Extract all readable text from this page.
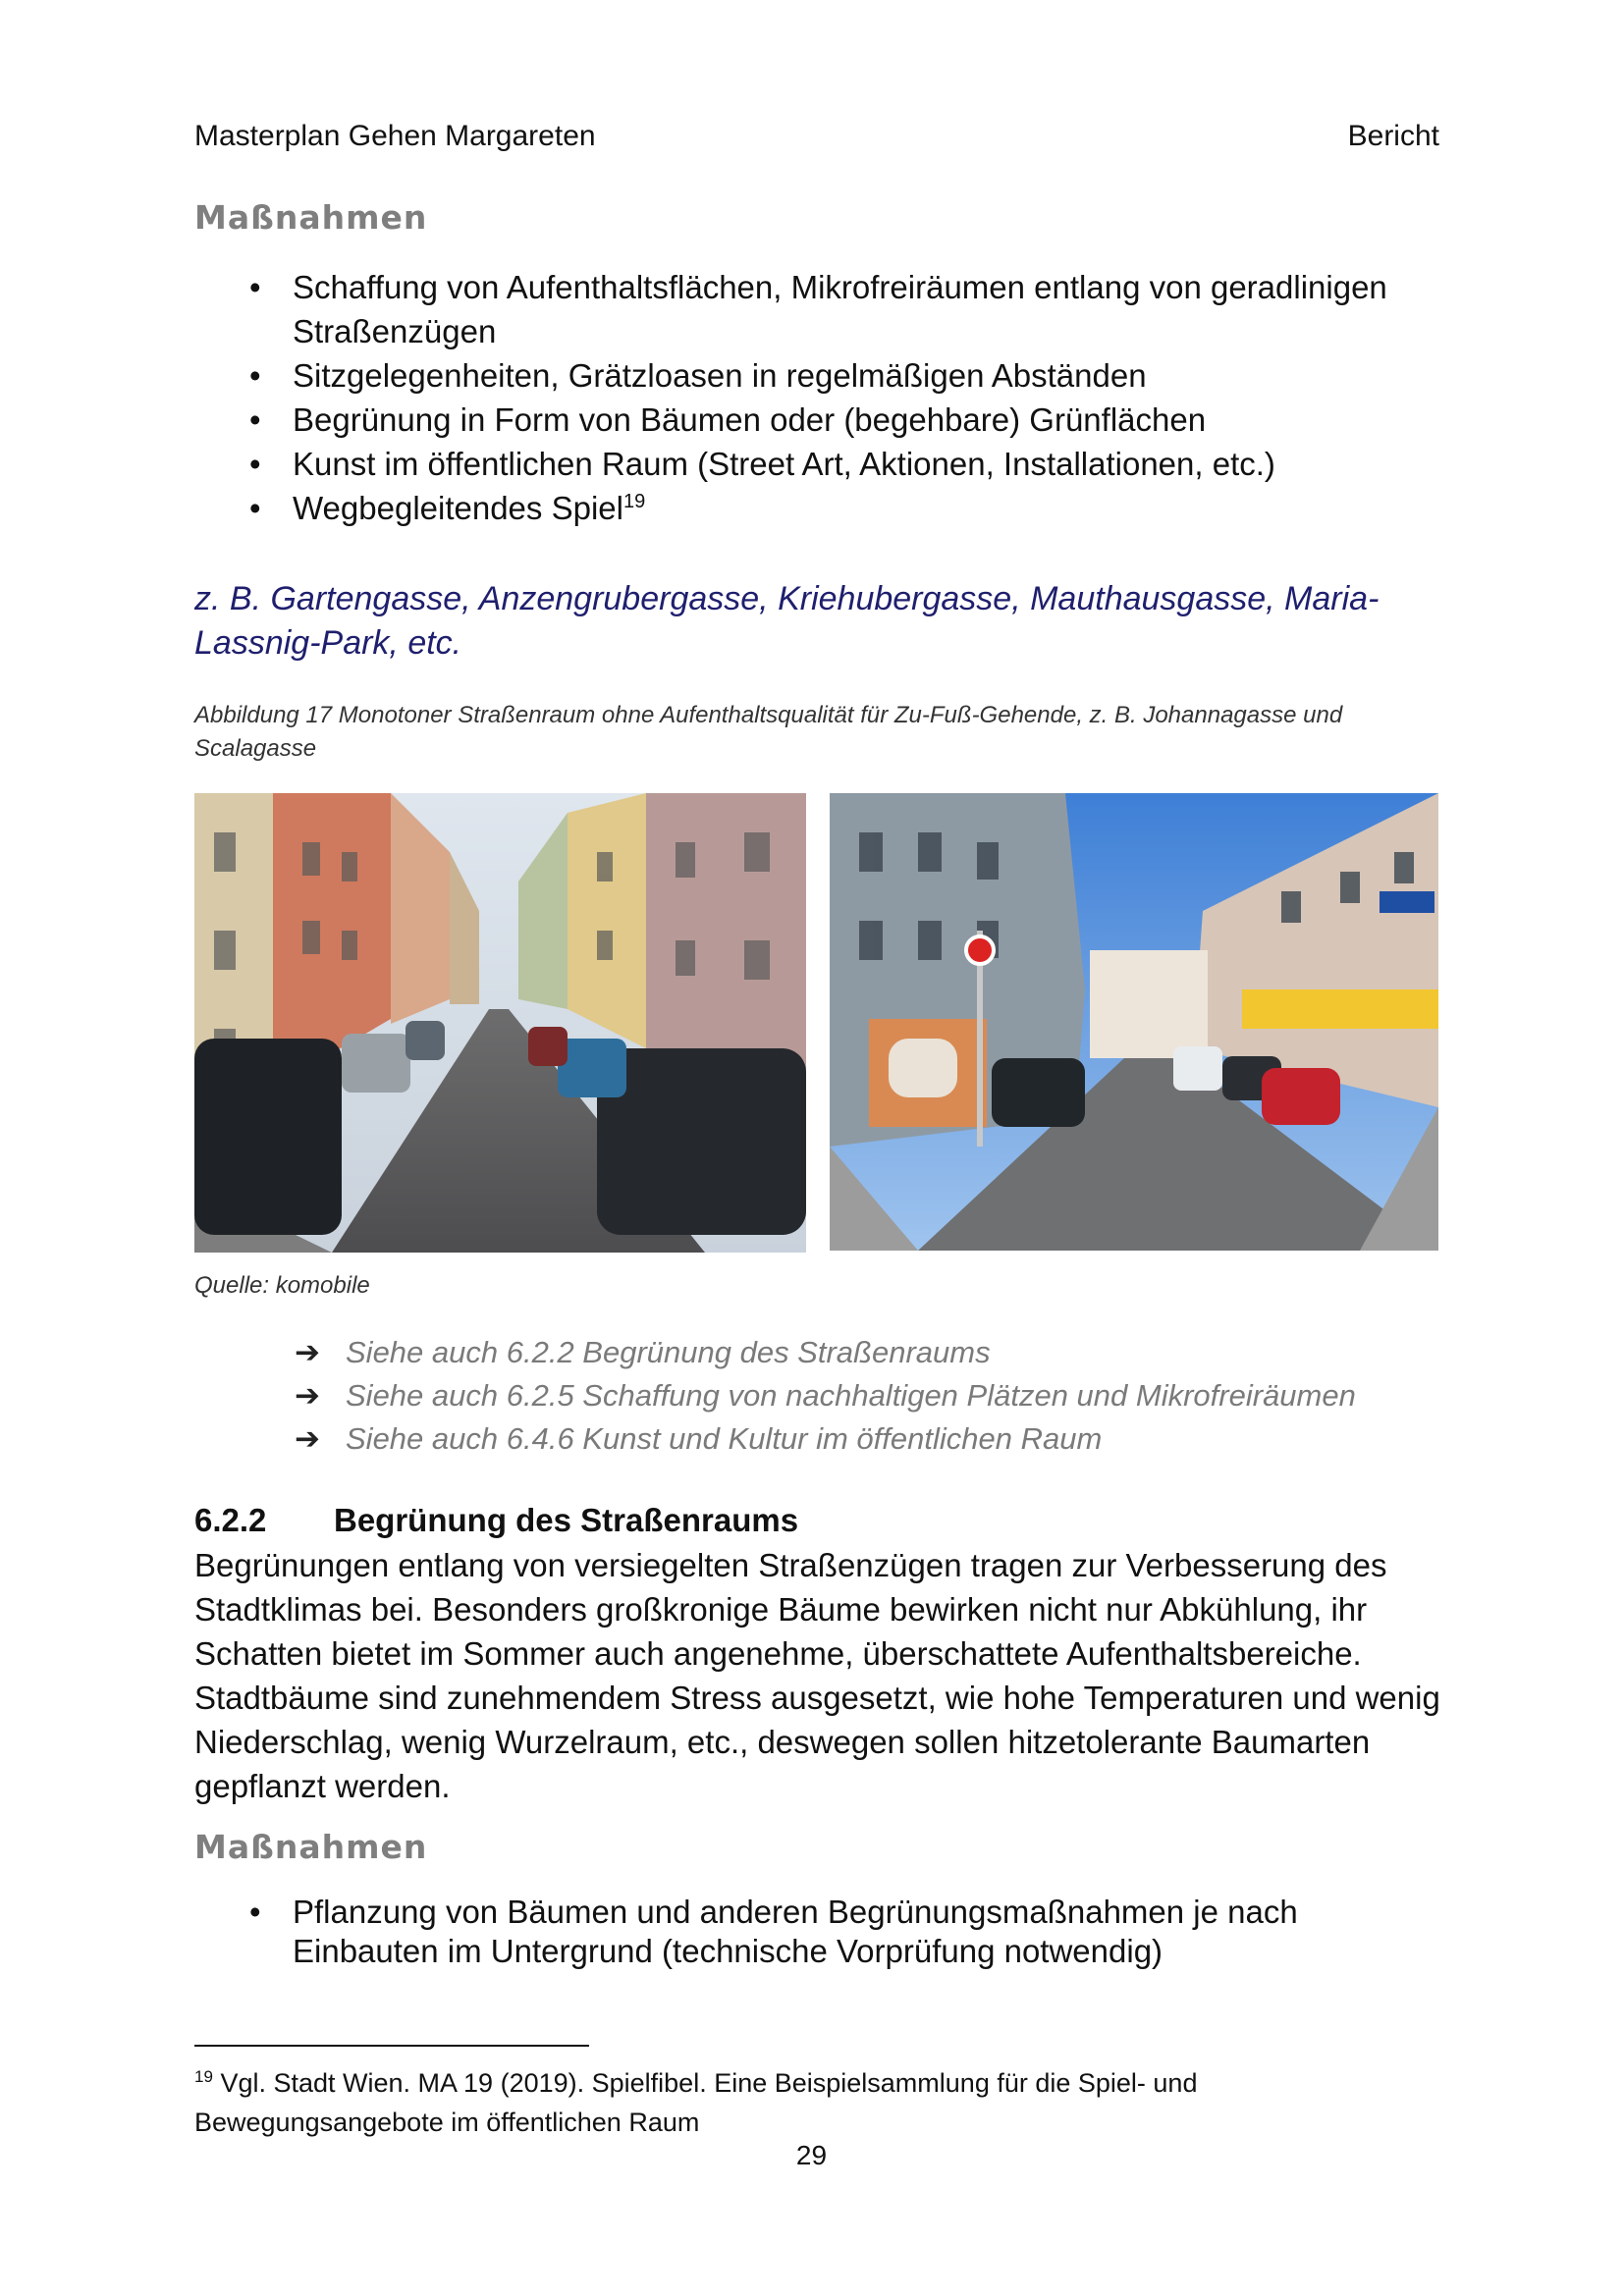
Masterplan Gehen Margareten	Bericht
Maßnahmen
• Schaffung von Aufenthaltsflächen, Mikrofreiräumen entlang von geradlinigen Straßenzügen
• Sitzgelegenheiten, Grätzloasen in regelmäßigen Abständen
• Begrünung in Form von Bäumen oder (begehbare) Grünflächen
• Kunst im öffentlichen Raum (Street Art, Aktionen, Installationen, etc.)
• Wegbegleitendes Spiel$^{19}$
z. B. Gartengasse, Anzengrubergasse, Kriehubergasse, Mauthausgasse, Maria-Lassnig-Park, etc.
Abbildung 17 Monotoner Straßenraum ohne Aufenthaltsqualität für Zu-Fuß-Gehende, z. B. Johannagasse und Scalagasse
Quelle: komobile
➔ Siehe auch 6.2.2 Begrünung des Straßenraums
➔ Siehe auch 6.2.5 Schaffung von nachhaltigen Plätzen und Mikrofreiräumen
➔ Siehe auch 6.4.6 Kunst und Kultur im öffentlichen Raum
6.2.2 Begrünung des Straßenraums
Begrünungen entlang von versiegelten Straßenzügen tragen zur Verbesserung des Stadtklimas bei. Besonders großkronige Bäume bewirken nicht nur Abkühlung, ihr Schatten bietet im Sommer auch angenehme, überschattete Aufenthaltsbereiche. Stadtbäume sind zunehmendem Stress ausgesetzt, wie hohe Temperaturen und wenig Niederschlag, wenig Wurzelraum, etc., deswegen sollen hitzetolerante Baumarten gepflanzt werden.
Maßnahmen
• Pflanzung von Bäumen und anderen Begrünungsmaßnahmen je nach Einbauten im Untergrund (technische Vorprüfung notwendig)
$^{19}$ Vgl. Stadt Wien. MA 19 (2019). Spielfibel. Eine Beispielsammlung für die Spiel- und Bewegungsangebote im öffentlichen Raum
29
